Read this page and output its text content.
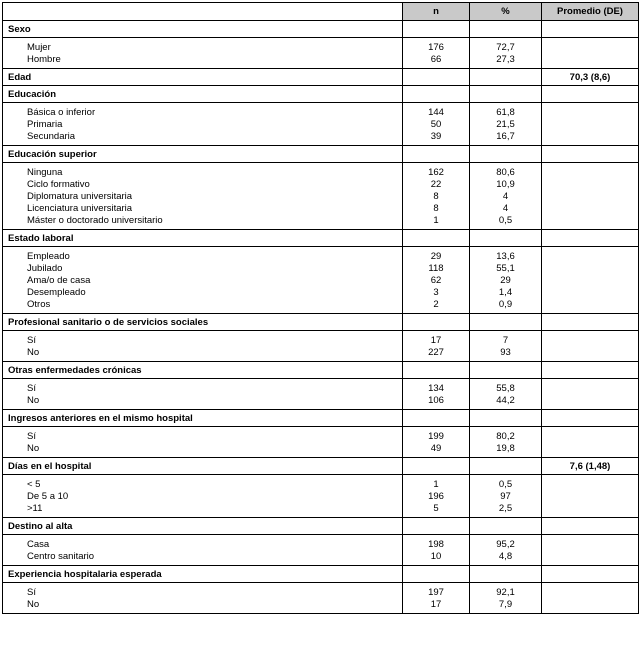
	n	%	Promedio (DE)
Sexo			
Mujer	176	72,7	
Hombre	66	27,3	
Edad			70,3 (8,6)
Educación			
Básica o inferior	144	61,8	
Primaria	50	21,5	
Secundaria	39	16,7	
Educación superior			
Ninguna	162	80,6	
Ciclo formativo	22	10,9	
Diplomatura universitaria	8	4	
Licenciatura universitaria	8	4	
Máster o doctorado universitario	1	0,5	
Estado laboral			
Empleado	29	13,6	
Jubilado	118	55,1	
Ama/o de casa	62	29	
Desempleado	3	1,4	
Otros	2	0,9	
Profesional sanitario o de servicios sociales			
Sí	17	7	
No	227	93	
Otras enfermedades crónicas			
Sí	134	55,8	
No	106	44,2	
Ingresos anteriores en el mismo hospital			
Sí	199	80,2	
No	49	19,8	
Días en el hospital			7,6 (1,48)
< 5	1	0,5	
De 5 a 10	196	97	
>11	5	2,5	
Destino al alta			
Casa	198	95,2	
Centro sanitario	10	4,8	
Experiencia hospitalaria esperada			
Sí	197	92,1	
No	17	7,9	
